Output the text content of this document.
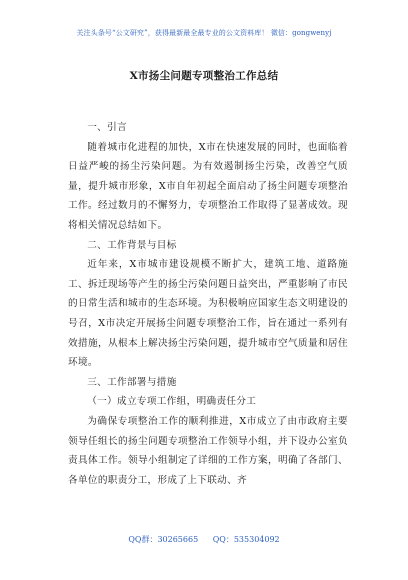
关注头条号“公文研究”，获得最新最全最专业的公文资料库！ 微信：gongwenyj
X市扬尘问题专项整治工作总结

一、引言

随着城市化进程的加快，X市在快速发展的同时，也面临着日益严峻的扬尘污染问题。为有效遏制扬尘污染，改善空气质量，提升城市形象，X市自年初起全面启动了扬尘问题专项整治工作。经过数月的不懈努力，专项整治工作取得了显著成效。现将相关情况总结如下。

二、工作背景与目标

近年来，X市城市建设规模不断扩大，建筑工地、道路施工、拆迁现场等产生的扬尘污染问题日益突出，严重影响了市民的日常生活和城市的生态环境。为积极响应国家生态文明建设的号召，X市决定开展扬尘问题专项整治工作，旨在通过一系列有效措施，从根本上解决扬尘污染问题，提升城市空气质量和居住环境。

三、工作部署与措施

（一）成立专项工作组，明确责任分工

为确保专项整治工作的顺利推进，X市成立了由市政府主要领导任组长的扬尘问题专项整治工作领导小组，并下设办公室负责具体工作。领导小组制定了详细的工作方案，明确了各部门、各单位的职责分工，形成了上下联动、齐

QQ群：30265665 QQ：535304092
